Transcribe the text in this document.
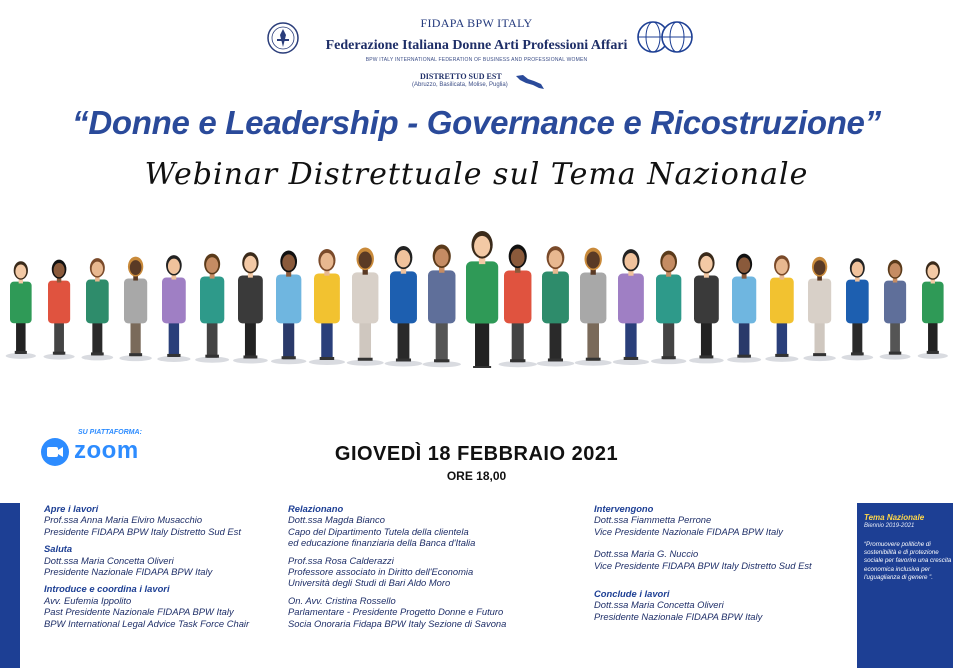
FIDAPA BPW ITALY
Federazione Italiana Donne Arti Professioni Affari
BPW ITALY INTERNATIONAL FEDERATION OF BUSINESS AND PROFESSIONAL WOMEN
DISTRETTO SUD EST
(Abruzzo, Basilicata, Molise, Puglia)
“Donne e Leadership - Governance e Ricostruzione”
Webinar Distrettuale sul Tema Nazionale
SU PIATTAFORMA:
zoom	GIOVEDÌ 18 FEBBRAIO 2021
ORE 18,00
Tema Nazionale
Biennio 2019-2021
“Promuovere politiche di sostenibilità e di protezione sociale per favorire una crescita economica inclusiva per l'uguaglianza di genere ”.
Apre i lavori
Prof.ssa Anna Maria Elviro Musacchio
Presidente FIDAPA BPW Italy Distretto Sud Est
Saluta
Dott.ssa Maria Concetta Oliveri
Presidente Nazionale FIDAPA BPW Italy
Introduce e coordina i lavori
Avv. Eufemia Ippolito
Past Presidente Nazionale FIDAPA BPW Italy
BPW International Legal Advice Task Force Chair
Relazionano
Dott.ssa Magda Bianco
Capo del Dipartimento Tutela della clientela
ed educazione finanziaria della Banca d'Italia
Prof.ssa Rosa Calderazzi
Professore associato in Diritto dell'Economia
Università degli Studi di Bari Aldo Moro
On. Avv. Cristina Rossello
Parlamentare - Presidente Progetto Donne e Futuro
Socia Onoraria Fidapa BPW Italy Sezione di Savona
Intervengono
Dott.ssa Fiammetta Perrone
Vice Presidente Nazionale FIDAPA BPW Italy
Dott.ssa Maria G. Nuccio
Vice Presidente FIDAPA BPW Italy Distretto Sud Est
Conclude i lavori
Dott.ssa Maria Concetta Oliveri
Presidente Nazionale FIDAPA BPW Italy
